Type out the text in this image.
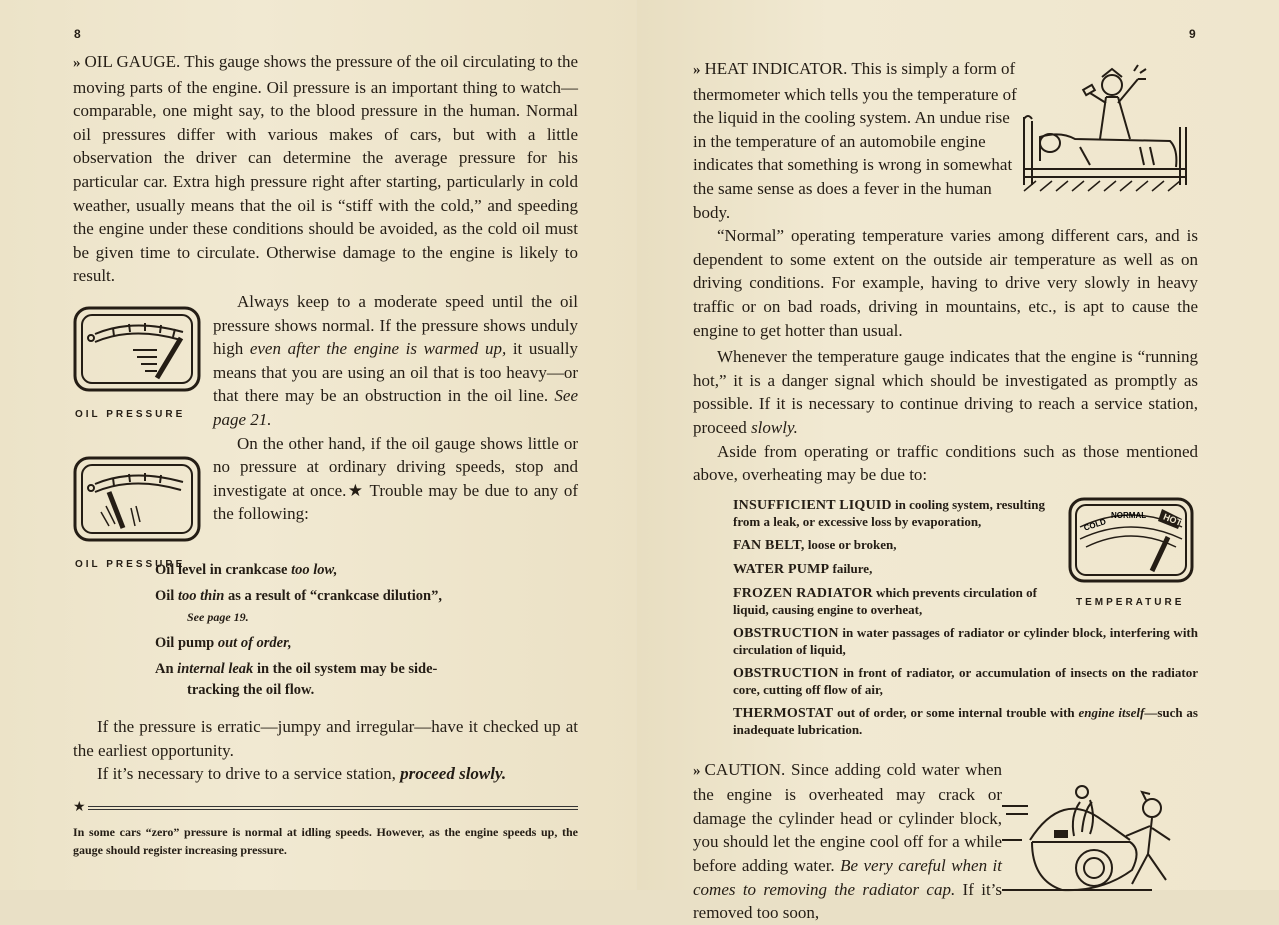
8
OIL PRESSURE
OIL PRESSURE

» OIL GAUGE. This gauge shows the pressure of the oil circulating to the moving parts of the engine. Oil pressure is an important thing to watch—comparable, one might say, to the blood pressure in the human. Normal oil pressures differ with various makes of cars, but with a little observation the driver can determine the average pressure for his particular car. Extra high pressure right after starting, particularly in cold weather, usually means that the oil is “stiff with the cold,” and speeding the engine under these conditions should be avoided, as the cold oil must be given time to circulate. Otherwise damage to the engine is likely to result.

Always keep to a moderate speed until the oil pressure shows normal. If the pressure shows unduly high even after the engine is warmed up, it usually means that you are using an oil that is too heavy—or that there may be an obstruction in the oil line. See page 21.

On the other hand, if the oil gauge shows little or no pressure at ordinary driving speeds, stop and investigate at once.★ Trouble may be due to any of the following:

Oil level in crankcase too low,
Oil too thin as a result of “crankcase dilution”,
See page 19.
Oil pump out of order,
An internal leak in the oil system may be side-
tracking the oil flow.

If the pressure is erratic—jumpy and irregular—have it checked up at the earliest opportunity.

If it’s necessary to drive to a service station, proceed slowly.

★
In some cars “zero” pressure is normal at idling speeds. However, as the engine speeds up, the gauge should register increasing pressure.
9

» HEAT INDICATOR. This is simply a form of thermometer which tells you the temperature of the liquid in the cooling system. An undue rise in the temperature of an automobile engine indicates that something is wrong in somewhat the same sense as does a fever in the human body.

“Normal” operating temperature varies among different cars, and is dependent to some extent on the outside air temperature as well as on driving conditions. For example, having to drive very slowly in heavy traffic or on bad roads, driving in mountains, etc., is apt to cause the engine to get hotter than usual.

Whenever the temperature gauge indicates that the engine is “running hot,” it is a danger signal which should be investigated as promptly as possible. If it is necessary to continue driving to reach a service station, proceed slowly.

Aside from operating or traffic conditions such as those mentioned above, overheating may be due to:

COLD
NORMAL HOT
TEMPERATURE
INSUFFICIENT LIQUID in cooling system, resulting from a leak, or excessive loss by evaporation,
FAN BELT, loose or broken,
WATER PUMP failure,
FROZEN RADIATOR which prevents circulation of liquid, causing engine to overheat,
OBSTRUCTION in water passages of radiator or cylinder block, interfering with circulation of liquid,
OBSTRUCTION in front of radiator, or accumulation of insects on the radiator core, cutting off flow of air,
THERMOSTAT out of order, or some internal trouble with engine itself—such as inadequate lubrication.

» CAUTION. Since adding cold water when the engine is overheated may crack or damage the cylinder head or cylinder block, you should let the engine cool off for a while before adding water. Be very careful when it comes to removing the radiator cap. If it’s removed too soon,
